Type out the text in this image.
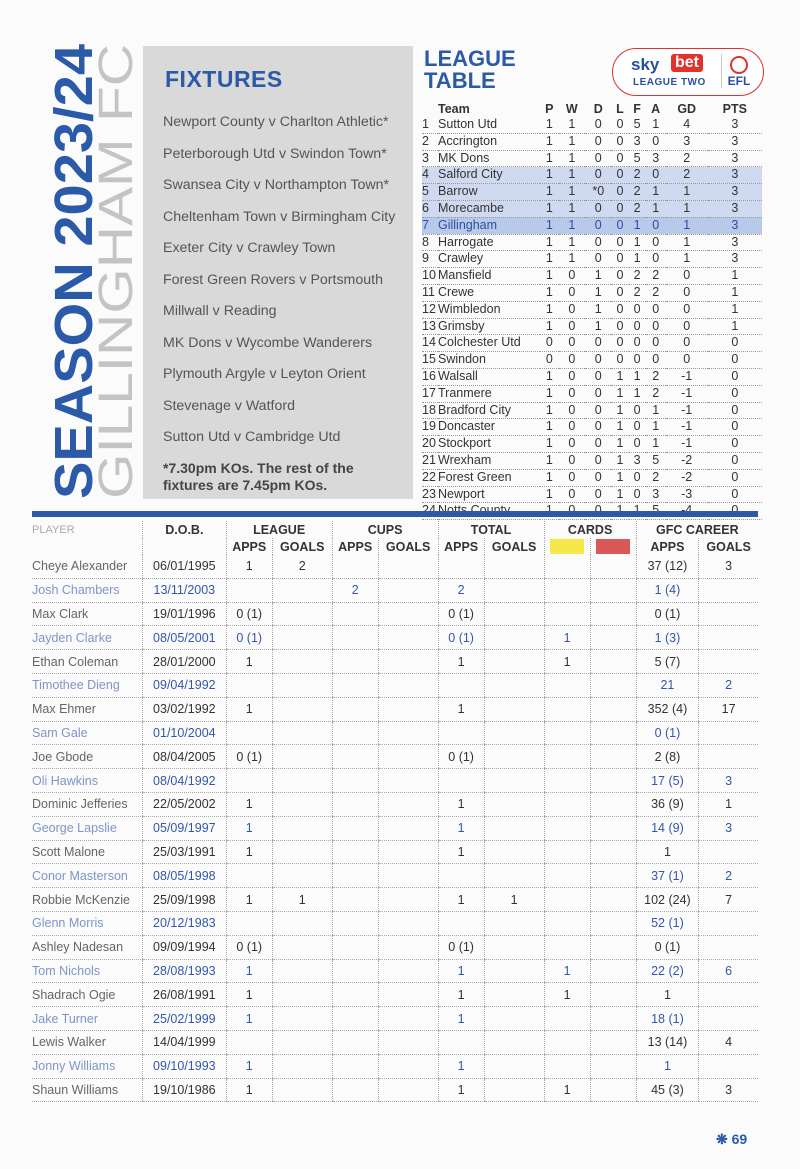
SEASON 2023/24
GILLINGHAM FC
FIXTURES
Newport County v Charlton Athletic*
Peterborough Utd v Swindon Town*
Swansea City v Northampton Town*
Cheltenham Town v Birmingham City
Exeter City v Crawley Town
Forest Green Rovers v Portsmouth
Millwall v Reading
MK Dons v Wycombe Wanderers
Plymouth Argyle v Leyton Orient
Stevenage v Watford
Sutton Utd v Cambridge Utd
*7.30pm KOs. The rest of the fixtures are 7.45pm KOs.
LEAGUE
TABLE
sky bet
LEAGUE TWO	EFL
	Team	P	W	D	L	F	A	GD	PTS
1	Sutton Utd	1	1	0	0	5	1	4	3
2	Accrington	1	1	0	0	3	0	3	3
3	MK Dons	1	1	0	0	5	3	2	3
4	Salford City	1	1	0	0	2	0	2	3
5	Barrow	1	1	*0	0	2	1	1	3
6	Morecambe	1	1	0	0	2	1	1	3
7	Gillingham	1	1	0	0	1	0	1	3
8	Harrogate	1	1	0	0	1	0	1	3
9	Crawley	1	1	0	0	1	0	1	3
10	Mansfield	1	0	1	0	2	2	0	1
11	Crewe	1	0	1	0	2	2	0	1
12	Wimbledon	1	0	1	0	0	0	0	1
13	Grimsby	1	0	1	0	0	0	0	1
14	Colchester Utd	0	0	0	0	0	0	0	0
15	Swindon	0	0	0	0	0	0	0	0
16	Walsall	1	0	0	1	1	2	-1	0
17	Tranmere	1	0	0	1	1	2	-1	0
18	Bradford City	1	0	0	1	0	1	-1	0
19	Doncaster	1	0	0	1	0	1	-1	0
20	Stockport	1	0	0	1	0	1	-1	0
21	Wrexham	1	0	0	1	3	5	-2	0
22	Forest Green	1	0	0	1	0	2	-2	0
23	Newport	1	0	0	1	0	3	-3	0

PLAYER	D.O.B.	LEAGUE		CUPS		TOTAL		CARDS		GFC CAREER	
		APPS	GOALS	APPS	GOALS	APPS	GOALS			APPS	GOALS
Cheye Alexander	06/01/1995	1	2							37 (12)	3
Josh Chambers	13/11/2003			2		2				1 (4)	
Max Clark	19/01/1996	0 (1)				0 (1)				0 (1)	
Jayden Clarke	08/05/2001	0 (1)				0 (1)		1		1 (3)	
Ethan Coleman	28/01/2000	1				1		1		5 (7)	
Timothee Dieng	09/04/1992									21	2
Max Ehmer	03/02/1992	1				1				352 (4)	17
Sam Gale	01/10/2004									0 (1)	
Joe Gbode	08/04/2005	0 (1)				0 (1)				2 (8)	
Oli Hawkins	08/04/1992									17 (5)	3
Dominic Jefferies	22/05/2002	1				1				36 (9)	1
George Lapslie	05/09/1997	1				1				14 (9)	3
Scott Malone	25/03/1991	1				1				1	
Conor Masterson	08/05/1998									37 (1)	2
Robbie McKenzie	25/09/1998	1	1			1	1			102 (24)	7
Glenn Morris	20/12/1983									52 (1)	
Ashley Nadesan	09/09/1994	0 (1)				0 (1)				0 (1)	
Tom Nichols	28/08/1993	1				1		1		22 (2)	6
Shadrach Ogie	26/08/1991	1				1		1		1	
Jake Turner	25/02/1999	1				1				18 (1)	
Lewis Walker	14/04/1999									13 (14)	4
Jonny Williams	09/10/1993	1				1				1	
Shaun Williams	19/10/1986	1				1		1		45 (3)	3
❋ 69
